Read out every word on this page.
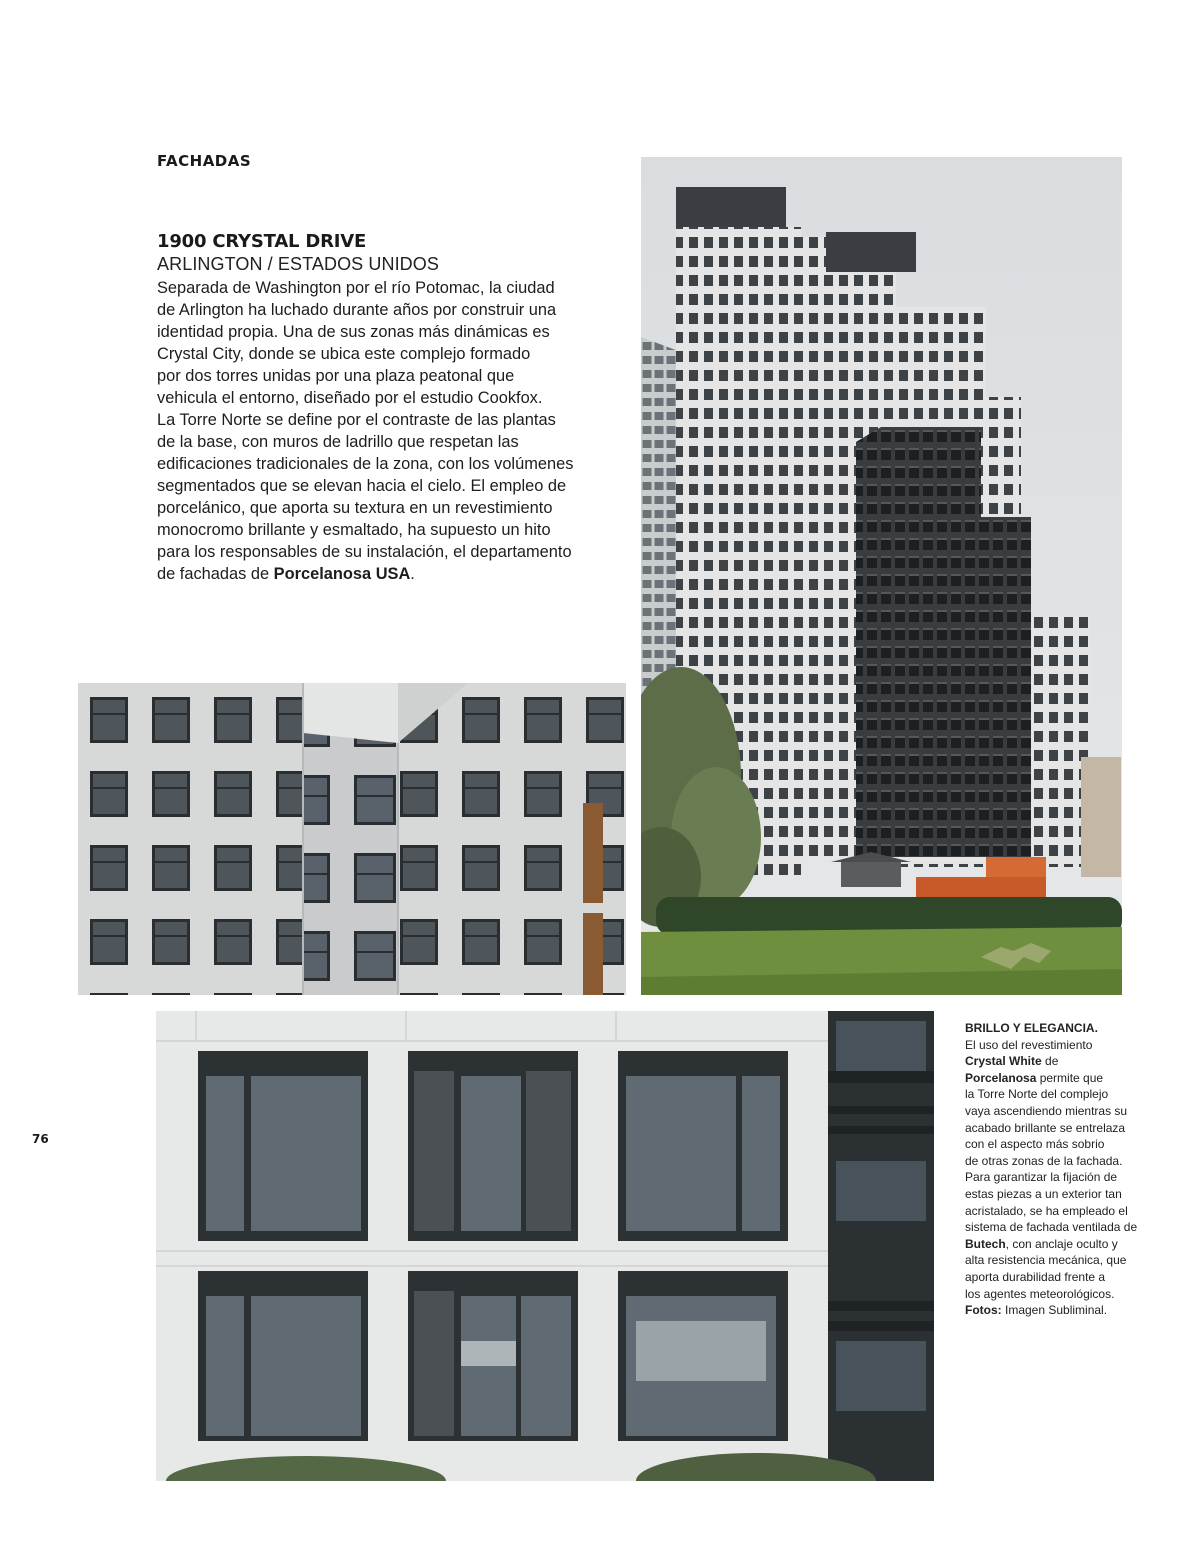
FACHADAS
1900 CRYSTAL DRIVE
ARLINGTON / ESTADOS UNIDOS
Separada de Washington por el río Potomac, la ciudad
de Arlington ha luchado durante años por construir una
identidad propia. Una de sus zonas más dinámicas es
Crystal City, donde se ubica este complejo formado
por dos torres unidas por una plaza peatonal que
vehicula el entorno, diseñado por el estudio Cookfox.
La Torre Norte se define por el contraste de las plantas
de la base, con muros de ladrillo que respetan las
edificaciones tradicionales de la zona, con los volúmenes
segmentados que se elevan hacia el cielo. El empleo de
porcelánico, que aporta su textura en un revestimiento
monocromo brillante y esmaltado, ha supuesto un hito
para los responsables de su instalación, el departamento
de fachadas de Porcelanosa USA.
BRILLO Y ELEGANCIA.
El uso del revestimiento
Crystal White de
Porcelanosa permite que
la Torre Norte del complejo
vaya ascendiendo mientras su
acabado brillante se entrelaza
con el aspecto más sobrio
de otras zonas de la fachada.
Para garantizar la fijación de
estas piezas a un exterior tan
acristalado, se ha empleado el
sistema de fachada ventilada de
Butech, con anclaje oculto y
alta resistencia mecánica, que
aporta durabilidad frente a
los agentes meteorológicos.
Fotos: Imagen Subliminal.
76
